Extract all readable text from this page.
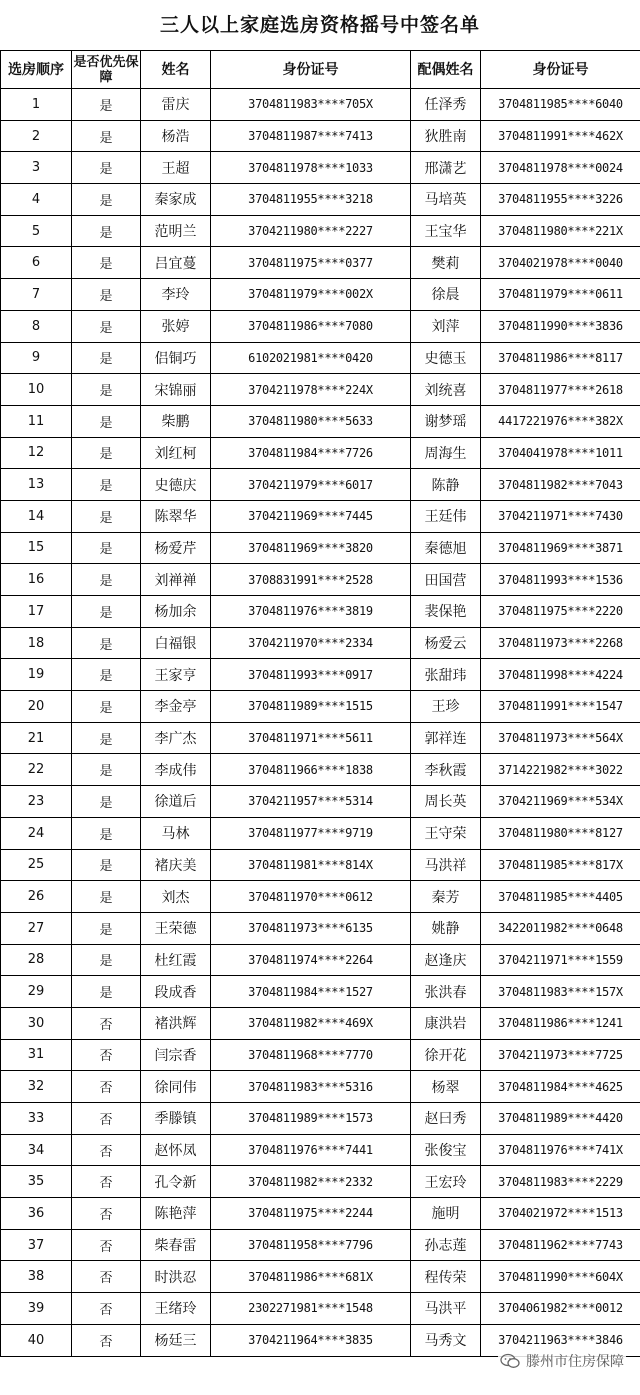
三人以上家庭选房资格摇号中签名单
选房顺序	是否优先保障	姓名	身份证号	配偶姓名	身份证号
1	是	雷庆	3704811983****705X	任泽秀	3704811985****6040
2	是	杨浩	3704811987****7413	狄胜南	3704811991****462X
3	是	王超	3704811978****1033	邢潇艺	3704811978****0024
4	是	秦家成	3704811955****3218	马培英	3704811955****3226
5	是	范明兰	3704211980****2227	王宝华	3704811980****221X
6	是	吕宜蔓	3704811975****0377	樊莉	3704021978****0040
7	是	李玲	3704811979****002X	徐晨	3704811979****0611
8	是	张婷	3704811986****7080	刘萍	3704811990****3836
9	是	侣铜巧	6102021981****0420	史德玉	3704811986****8117
10	是	宋锦丽	3704211978****224X	刘统喜	3704811977****2618
11	是	柴鹏	3704811980****5633	谢梦瑶	4417221976****382X
12	是	刘红柯	3704811984****7726	周海生	3704041978****1011
13	是	史德庆	3704211979****6017	陈静	3704811982****7043
14	是	陈翠华	3704211969****7445	王廷伟	3704211971****7430
15	是	杨爱芹	3704811969****3820	秦德旭	3704811969****3871
16	是	刘禅禅	3708831991****2528	田国营	3704811993****1536
17	是	杨加余	3704811976****3819	裴保艳	3704811975****2220
18	是	白福银	3704211970****2334	杨爱云	3704811973****2268
19	是	王家亨	3704811993****0917	张甜玮	3704811998****4224
20	是	李金亭	3704811989****1515	王珍	3704811991****1547
21	是	李广杰	3704811971****5611	郭祥连	3704811973****564X
22	是	李成伟	3704811966****1838	李秋霞	3714221982****3022
23	是	徐道后	3704211957****5314	周长英	3704211969****534X
24	是	马林	3704811977****9719	王守荣	3704811980****8127
25	是	褚庆美	3704811981****814X	马洪祥	3704811985****817X
26	是	刘杰	3704811970****0612	秦芳	3704811985****4405
27	是	王荣德	3704811973****6135	姚静	3422011982****0648
28	是	杜红霞	3704811974****2264	赵逢庆	3704211971****1559
29	是	段成香	3704811984****1527	张洪春	3704811983****157X
30	否	褚洪辉	3704811982****469X	康洪岩	3704811986****1241
31	否	闫宗香	3704811968****7770	徐开花	3704211973****7725
32	否	徐同伟	3704811983****5316	杨翠	3704811984****4625
33	否	季滕镇	3704811989****1573	赵曰秀	3704811989****4420
34	否	赵怀凤	3704811976****7441	张俊宝	3704811976****741X
35	否	孔令新	3704811982****2332	王宏玲	3704811983****2229
36	否	陈艳萍	3704811975****2244	施明	3704021972****1513
37	否	柴春雷	3704811958****7796	孙志莲	3704811962****7743
38	否	时洪忍	3704811986****681X	程传荣	3704811990****604X
39	否	王绪玲	2302271981****1548	马洪平	3704061982****0012
40	否	杨廷三	3704211964****3835	马秀文	3704211963****3846
滕州市住房保障
